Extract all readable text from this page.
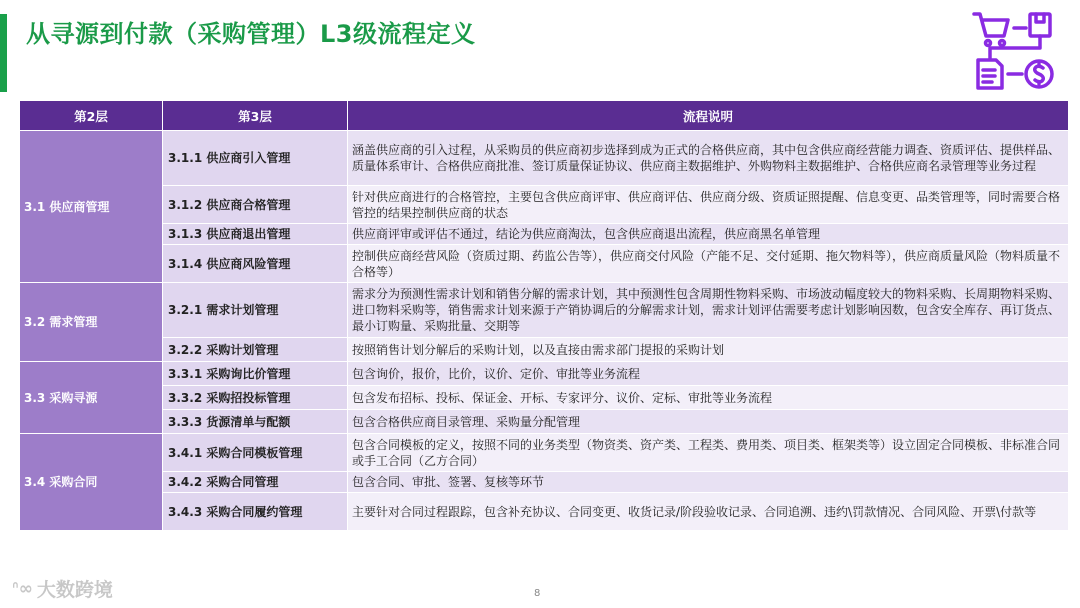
从寻源到付款（采购管理）L3级流程定义
第2层	第3层	流程说明
3.1 供应商管理	3.1.1 供应商引入管理	涵盖供应商的引入过程，从采购员的供应商初步选择到成为正式的合格供应商，其中包含供应商经营能力调查、资质评估、提供样品、质量体系审计、合格供应商批准、签订质量保证协议、供应商主数据维护、外购物料主数据维护、合格供应商名录管理等业务过程
	3.1.2 供应商合格管理	针对供应商进行的合格管控，主要包含供应商评审、供应商评估、供应商分级、资质证照提醒、信息变更、品类管理等，同时需要合格管控的结果控制供应商的状态
	3.1.3 供应商退出管理	供应商评审或评估不通过，结论为供应商淘汰，包含供应商退出流程，供应商黑名单管理
	3.1.4 供应商风险管理	控制供应商经营风险（资质过期、药监公告等），供应商交付风险（产能不足、交付延期、拖欠物料等），供应商质量风险（物料质量不合格等）
3.2 需求管理	3.2.1 需求计划管理	需求分为预测性需求计划和销售分解的需求计划，其中预测性包含周期性物料采购、市场波动幅度较大的物料采购、长周期物料采购、进口物料采购等，销售需求计划来源于产销协调后的分解需求计划，需求计划评估需要考虑计划影响因数，包含安全库存、再订货点、最小订购量、采购批量、交期等
	3.2.2 采购计划管理	按照销售计划分解后的采购计划，以及直接由需求部门提报的采购计划
3.3 采购寻源	3.3.1 采购询比价管理	包含询价，报价，比价，议价、定价、审批等业务流程
	3.3.2 采购招投标管理	包含发布招标、投标、保证金、开标、专家评分、议价、定标、审批等业务流程
	3.3.3 货源清单与配额	包含合格供应商目录管理、采购量分配管理
3.4 采购合同	3.4.1 采购合同模板管理	包含合同模板的定义，按照不同的业务类型（物资类、资产类、工程类、费用类、项目类、框架类等）设立固定合同模板、非标准合同或手工合同（乙方合同）
	3.4.2 采购合同管理	包含合同、审批、签署、复核等环节
	3.4.3 采购合同履约管理	主要针对合同过程跟踪，包含补充协议、合同变更、收货记录/阶段验收记录、合同追溯、违约\罚款情况、合同风险、开票\付款等
ᐢ∞ 大数跨境	8
